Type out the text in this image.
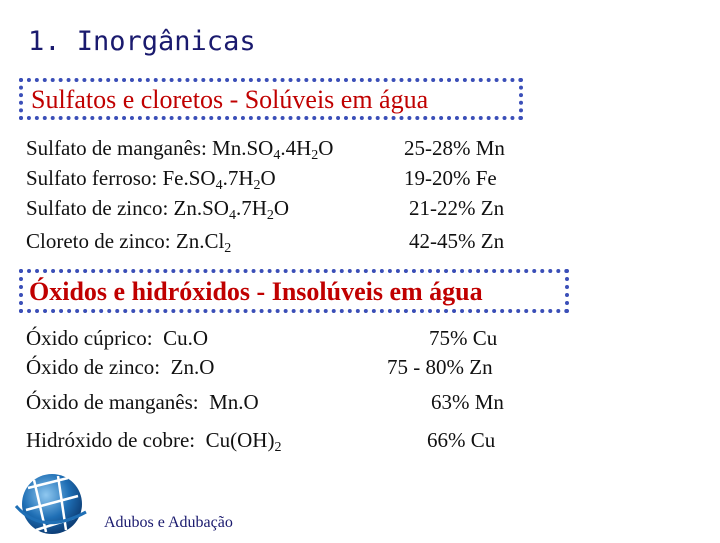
1. Inorgânicas
Sulfatos e cloretos - Solúveis em água
Sulfato de manganês: $Mn.SO_4.4H_2O$	25-28% Mn
Sulfato ferroso: $Fe.SO_4.7H_2O$	19-20% Fe
Sulfato de zinco: $Zn.SO_4.7H_2O$	21-22% Zn
Cloreto de zinco: $Zn.Cl_2$	42-45% Zn
Óxidos e hidróxidos - Insolúveis em água
Óxido cúprico:  Cu.O	75% Cu
Óxido de zinco:  Zn.O	75 - 80% Zn
Óxido de manganês:  Mn.O	63% Mn
Hidróxido de cobre:  $Cu(OH)_2$	66% Cu
Adubos e Adubação
